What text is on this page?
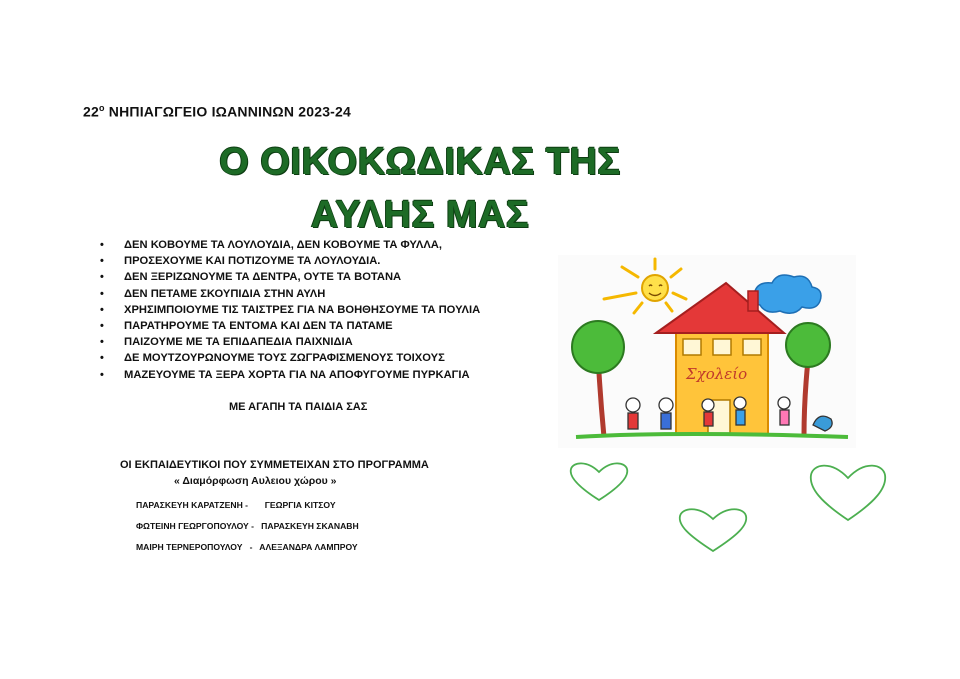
$22^o$ ΝΗΠΙΑΓΩΓΕΙΟ ΙΩΑΝΝΙΝΩΝ 2023-24
Ο ΟΙΚΟΚΩΔΙΚΑΣ ΤΗΣ
ΑΥΛΗΣ ΜΑΣ
• ΔΕΝ ΚΟΒΟΥΜΕ ΤΑ ΛΟΥΛΟΥΔΙΑ, ΔΕΝ ΚΟΒΟΥΜΕ ΤΑ ΦΥΛΛΑ,
• ΠΡΟΣΕΧΟΥΜΕ ΚΑΙ ΠΟΤΙΖΟΥΜΕ ΤΑ ΛΟΥΛΟΥΔΙΑ.
• ΔΕΝ ΞΕΡΙΖΩΝΟΥΜΕ ΤΑ ΔΕΝΤΡΑ, ΟΥΤΕ ΤΑ ΒΟΤΑΝΑ
• ΔΕΝ ΠΕΤΑΜΕ ΣΚΟΥΠΙΔΙΑ ΣΤΗΝ ΑΥΛΗ
• ΧΡΗΣΙΜΠΟΙΟΥΜΕ ΤΙΣ ΤΑΙΣΤΡΕΣ ΓΙΑ ΝΑ ΒΟΗΘΗΣΟΥΜΕ ΤΑ ΠΟΥΛΙΑ
• ΠΑΡΑΤΗΡΟΥΜΕ ΤΑ ΕΝΤΟΜΑ ΚΑΙ ΔΕΝ ΤΑ ΠΑΤΑΜΕ
• ΠΑΙΖΟΥΜΕ ΜΕ ΤΑ ΕΠΙΔΑΠΕΔΙΑ ΠΑΙΧΝΙΔΙΑ
• ΔΕ ΜΟΥΤΖΟΥΡΩΝΟΥΜΕ ΤΟΥΣ ΖΩΓΡΑΦΙΣΜΕΝΟΥΣ ΤΟΙΧΟΥΣ
• ΜΑΖΕΥΟΥΜΕ ΤΑ ΞΕΡΑ ΧΟΡΤΑ ΓΙΑ ΝΑ ΑΠΟΦΥΓΟΥΜΕ ΠΥΡΚΑΓΙΑ
ΜΕ ΑΓΑΠΗ ΤΑ ΠΑΙΔΙΑ ΣΑΣ
ΟΙ ΕΚΠΑΙΔΕΥΤΙΚΟΙ ΠΟΥ ΣΥΜΜΕΤΕΙΧΑΝ ΣΤΟ ΠΡΟΓΡΑΜΜΑ
« Διαμόρφωση Αυλειου χώρου »
ΠΑΡΑΣΚΕΥΗ ΚΑΡΑΤΖΕΝΗ -       ΓΕΩΡΓΙΑ ΚΙΤΣΟΥ
ΦΩΤΕΙΝΗ ΓΕΩΡΓΟΠΟΥΛΟΥ -   ΠΑΡΑΣΚΕΥΗ ΣΚΑΝΑΒΗ
ΜΑΙΡΗ ΤΕΡΝΕΡΟΠΟΥΛΟΥ   -   ΑΛΕΞΑΝΔΡΑ ΛΑΜΠΡΟΥ
Σχολείο
